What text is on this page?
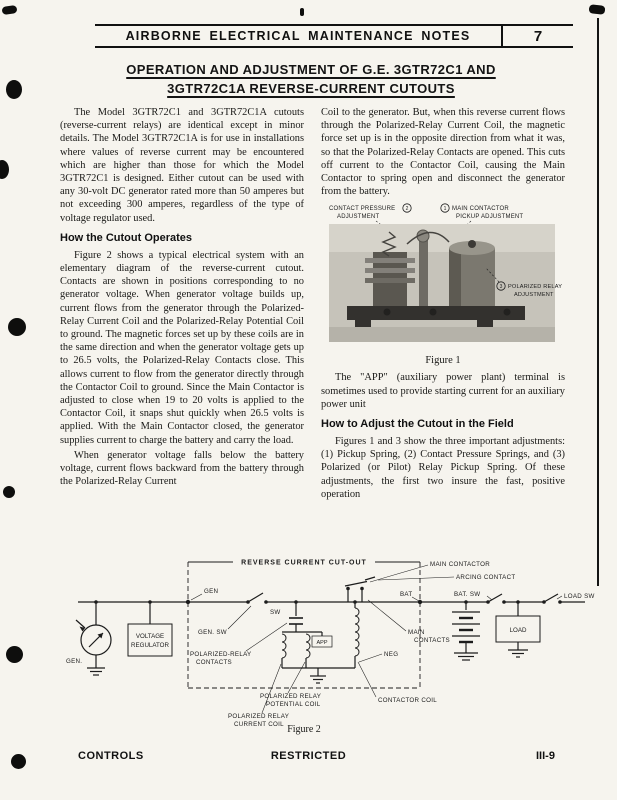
AIRBORNE ELECTRICAL MAINTENANCE NOTES	7
OPERATION AND ADJUSTMENT OF G.E. 3GTR72C1 AND
3GTR72C1A REVERSE-CURRENT CUTOUTS

The Model 3GTR72C1 and 3GTR72C1A cutouts (reverse-current relays) are identical except in minor details. The Model 3GTR72C1A is for use in installations where values of reverse current may be encountered which are higher than those for which the Model 3GTR72C1 is designed. Either cutout can be used with any 30-volt DC generator rated more than 50 amperes but not exceeding 300 amperes, regardless of the type of voltage regulator used.

How the Cutout Operates

Figure 2 shows a typical electrical system with an elementary diagram of the reverse-current cutout. Contacts are shown in positions corresponding to no generator voltage. When generator voltage builds up, current flows from the generator through the Polarized-Relay Current Coil and the Polarized-Relay Potential Coil to ground. The magnetic forces set up by these coils are in the same direction and when the generator voltage gets up to 26.5 volts, the Polarized-Relay Contacts close. This allows current to flow from the generator directly through the Contactor Coil to ground. Since the Main Contactor is adjusted to close when 19 to 20 volts is applied to the Contactor Coil, it snaps shut quickly when 26.5 volts is applied. With the Main Contactor closed, the generator supplies current to charge the battery and carry the load.

When generator voltage falls below the battery voltage, current flows backward from the battery through the Polarized-Relay Current

Coil to the generator. But, when this reverse current flows through the Polarized-Relay Current Coil, the magnetic force set up is in the opposite direction from what it was, so that the Polarized-Relay Contacts are opened. This cuts off current to the Contactor Coil, causing the Main Contactor to spring open and disconnect the generator from the battery.

CONTACT PRESSURE
ADJUSTMENT
2	1 MAIN CONTACTOR
PICKUP ADJUSTMENT
3 POLARIZED RELAY
ADJUSTMENT
Figure 1

The "APP" (auxiliary power plant) terminal is sometimes used to provide starting current for an auxiliary power unit

How to Adjust the Cutout in the Field

Figures 1 and 3 show the three important adjustments: (1) Pickup Spring, (2) Contact Pressure Springs, and (3) Polarized (or Pilot) Relay Pickup Spring. Of these adjustments, the first two insure the fast, positive operation

REVERSE CURRENT CUT-OUT
GEN.
VOLTAGE
REGULATOR
GEN
GEN. SW
SW
POLARIZED-RELAY
CONTACTS
APP
POLARIZED RELAY
POTENTIAL COIL
POLARIZED RELAY
CURRENT COIL
MAIN CONTACTOR
ARCING CONTACT
BAT
MAIN
CONTACTS
NEG
CONTACTOR COIL
BAT. SW	LOAD SW
LOAD
Figure 2
CONTROLS	RESTRICTED	III-9
